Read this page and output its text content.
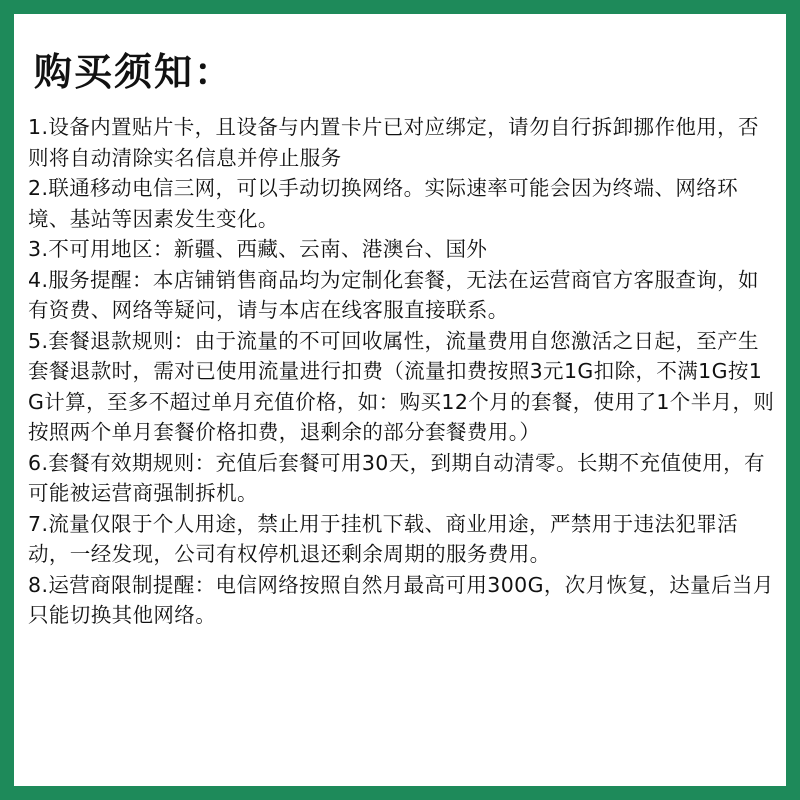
购买须知：
1.设备内置贴片卡，且设备与内置卡片已对应绑定，请勿自行拆卸挪作他用，否则将自动清除实名信息并停止服务
2.联通移动电信三网，可以手动切换网络。实际速率可能会因为终端、网络环境、基站等因素发生变化。
3.不可用地区：新疆、西藏、云南、港澳台、国外
4.服务提醒：本店铺销售商品均为定制化套餐，无法在运营商官方客服查询，如有资费、网络等疑问，请与本店在线客服直接联系。
5.套餐退款规则：由于流量的不可回收属性，流量费用自您激活之日起，至产生套餐退款时，需对已使用流量进行扣费（流量扣费按照3元1G扣除，不满1G按1G计算，至多不超过单月充值价格，如：购买12个月的套餐，使用了1个半月，则按照两个单月套餐价格扣费，退剩余的部分套餐费用。）
6.套餐有效期规则：充值后套餐可用30天，到期自动清零。长期不充值使用，有可能被运营商强制拆机。
7.流量仅限于个人用途，禁止用于挂机下载、商业用途，严禁用于违法犯罪活动，一经发现，公司有权停机退还剩余周期的服务费用。
8.运营商限制提醒：电信网络按照自然月最高可用300G，次月恢复，达量后当月只能切换其他网络。
